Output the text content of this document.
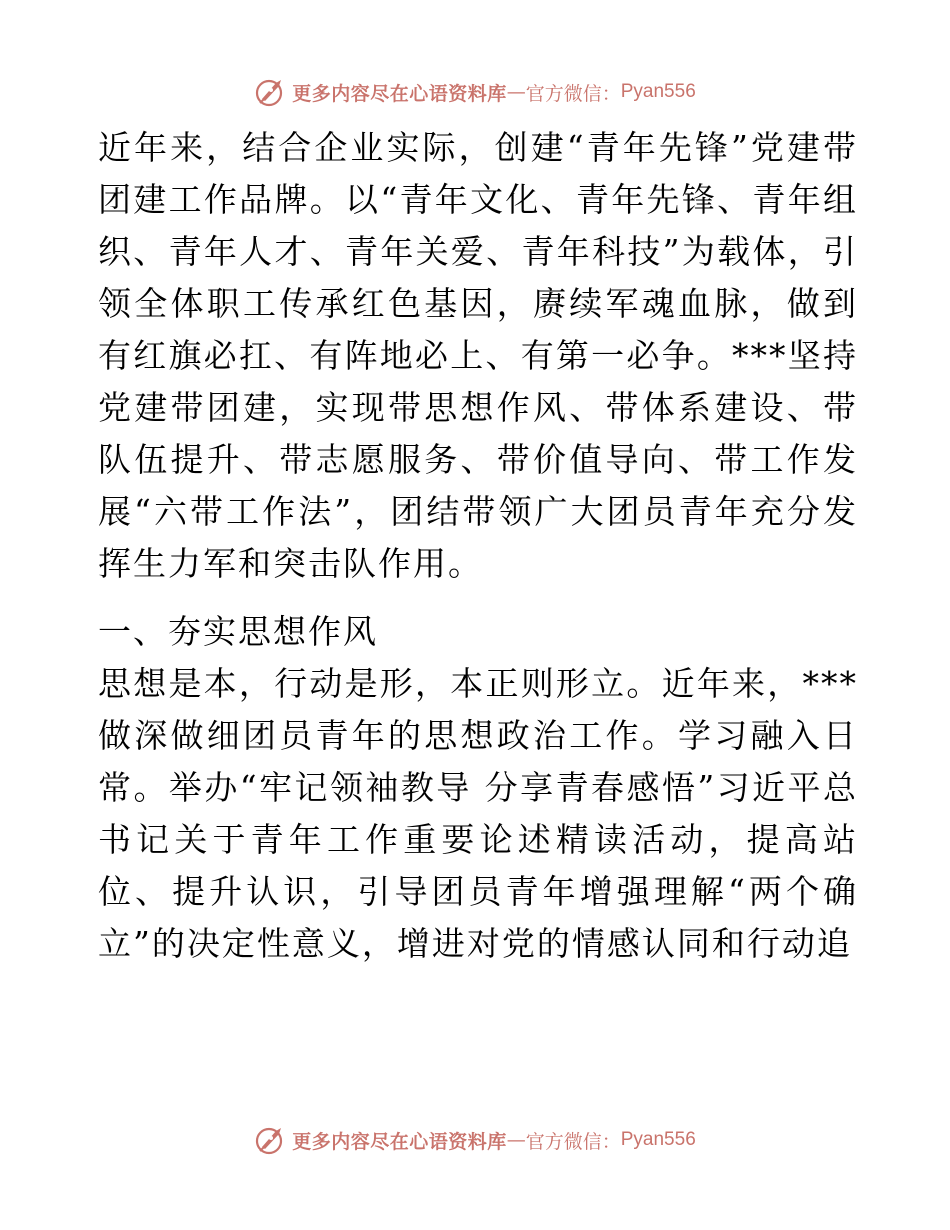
更多内容尽在心语资料库 — 官方微信： Pyan556

近年来，结合企业实际，创建“青年先锋”党建带团建工作品牌。以“青年文化、青年先锋、青年组织、青年人才、青年关爱、青年科技”为载体，引领全体职工传承红色基因，赓续军魂血脉，做到有红旗必扛、有阵地必上、有第一必争。***坚持党建带团建，实现带思想作风、带体系建设、带队伍提升、带志愿服务、带价值导向、带工作发展“六带工作法”，团结带领广大团员青年充分发挥生力军和突击队作用。

一、夯实思想作风

思想是本，行动是形，本正则形立。近年来，***做深做细团员青年的思想政治工作。学习融入日常。举办“牢记领袖教导 分享青春感悟”习近平总书记关于青年工作重要论述精读活动，提高站位、提升认识，引导团员青年增强理解“两个确立”的决定性意义，增进对党的情感认同和行动追

更多内容尽在心语资料库 — 官方微信： Pyan556
